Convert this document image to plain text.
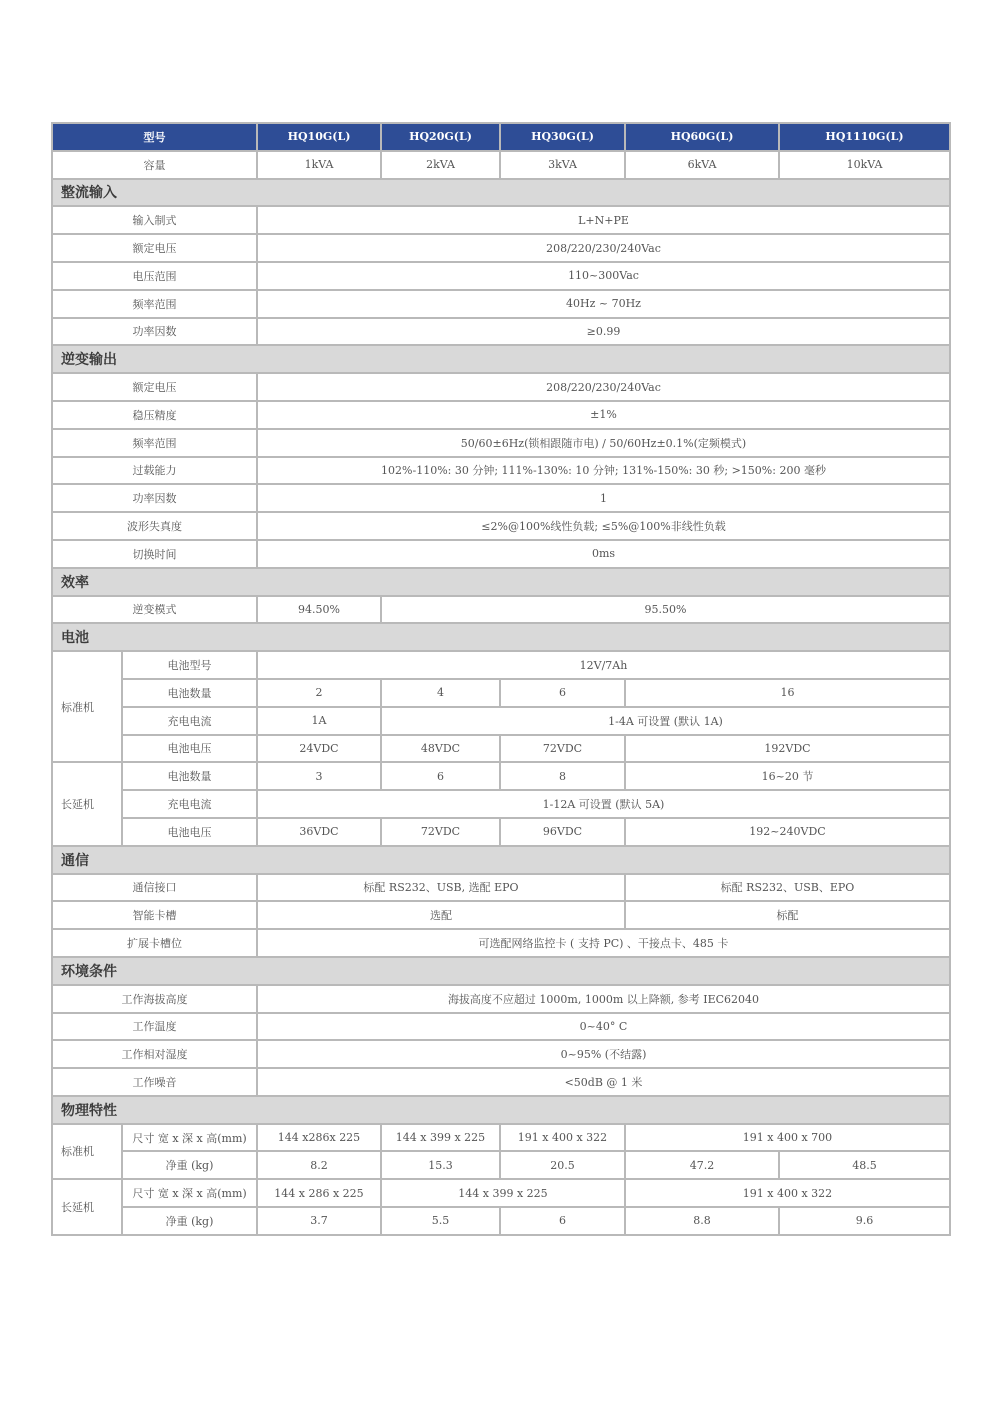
型号		HQ10G(L)	HQ20G(L)	HQ30G(L)	HQ60G(L)	HQ1110G(L)	
容量		1kVA	2kVA	3kVA	6kVA	10kVA	
整流输入							
输入制式		L+N+PE					
额定电压		208/220/230/240Vac					
电压范围		110~300Vac					
频率范围		40Hz ~ 70Hz					
功率因数		≥0.99					
逆变输出							
额定电压		208/220/230/240Vac					
稳压精度		±1%					
频率范围		50/60±6Hz(锁相跟随市电) / 50/60Hz±0.1%(定频模式)					
过载能力		102%-110%: 30 分钟; 111%-130%: 10 分钟; 131%-150%: 30 秒; >150%: 200 毫秒					
功率因数		1					
波形失真度		≤2%@100%线性负载; ≤5%@100%非线性负载					
切换时间		0ms					
效率							
逆变模式		94.50%	95.50%				
电池							
标准机	电池型号	12V/7Ah					
	电池数量	2	4	6	16		
	充电电流	1A	1-4A 可设置 (默认 1A)				
	电池电压	24VDC	48VDC	72VDC	192VDC		
长延机	电池数量	3	6	8	16~20 节		
	充电电流	1-12A 可设置 (默认 5A)					
	电池电压	36VDC	72VDC	96VDC	192~240VDC		
通信							
通信接口		标配 RS232、USB, 选配 EPO			标配 RS232、USB、EPO		
智能卡槽		选配			标配		
扩展卡槽位		可选配网络监控卡 ( 支持 PC) 、干接点卡、485 卡					
环境条件							
工作海拔高度		海拔高度不应超过 1000m, 1000m 以上降额, 参考 IEC62040					
工作温度		0~40° C					
工作相对湿度		0~95% (不结露)					
工作噪音		<50dB @ 1 米					
物理特性							
标准机	尺寸 宽 x 深 x 高(mm)	144 x286x 225	144 x 399 x 225	191 x 400 x 322	191 x 400 x 700		
	净重 (kg)	8.2	15.3	20.5	47.2	48.5	
长延机	尺寸 宽 x 深 x 高(mm)	144 x 286 x 225	144 x 399 x 225		191 x 400 x 322		
	净重 (kg)	3.7	5.5	6	8.8	9.6	
